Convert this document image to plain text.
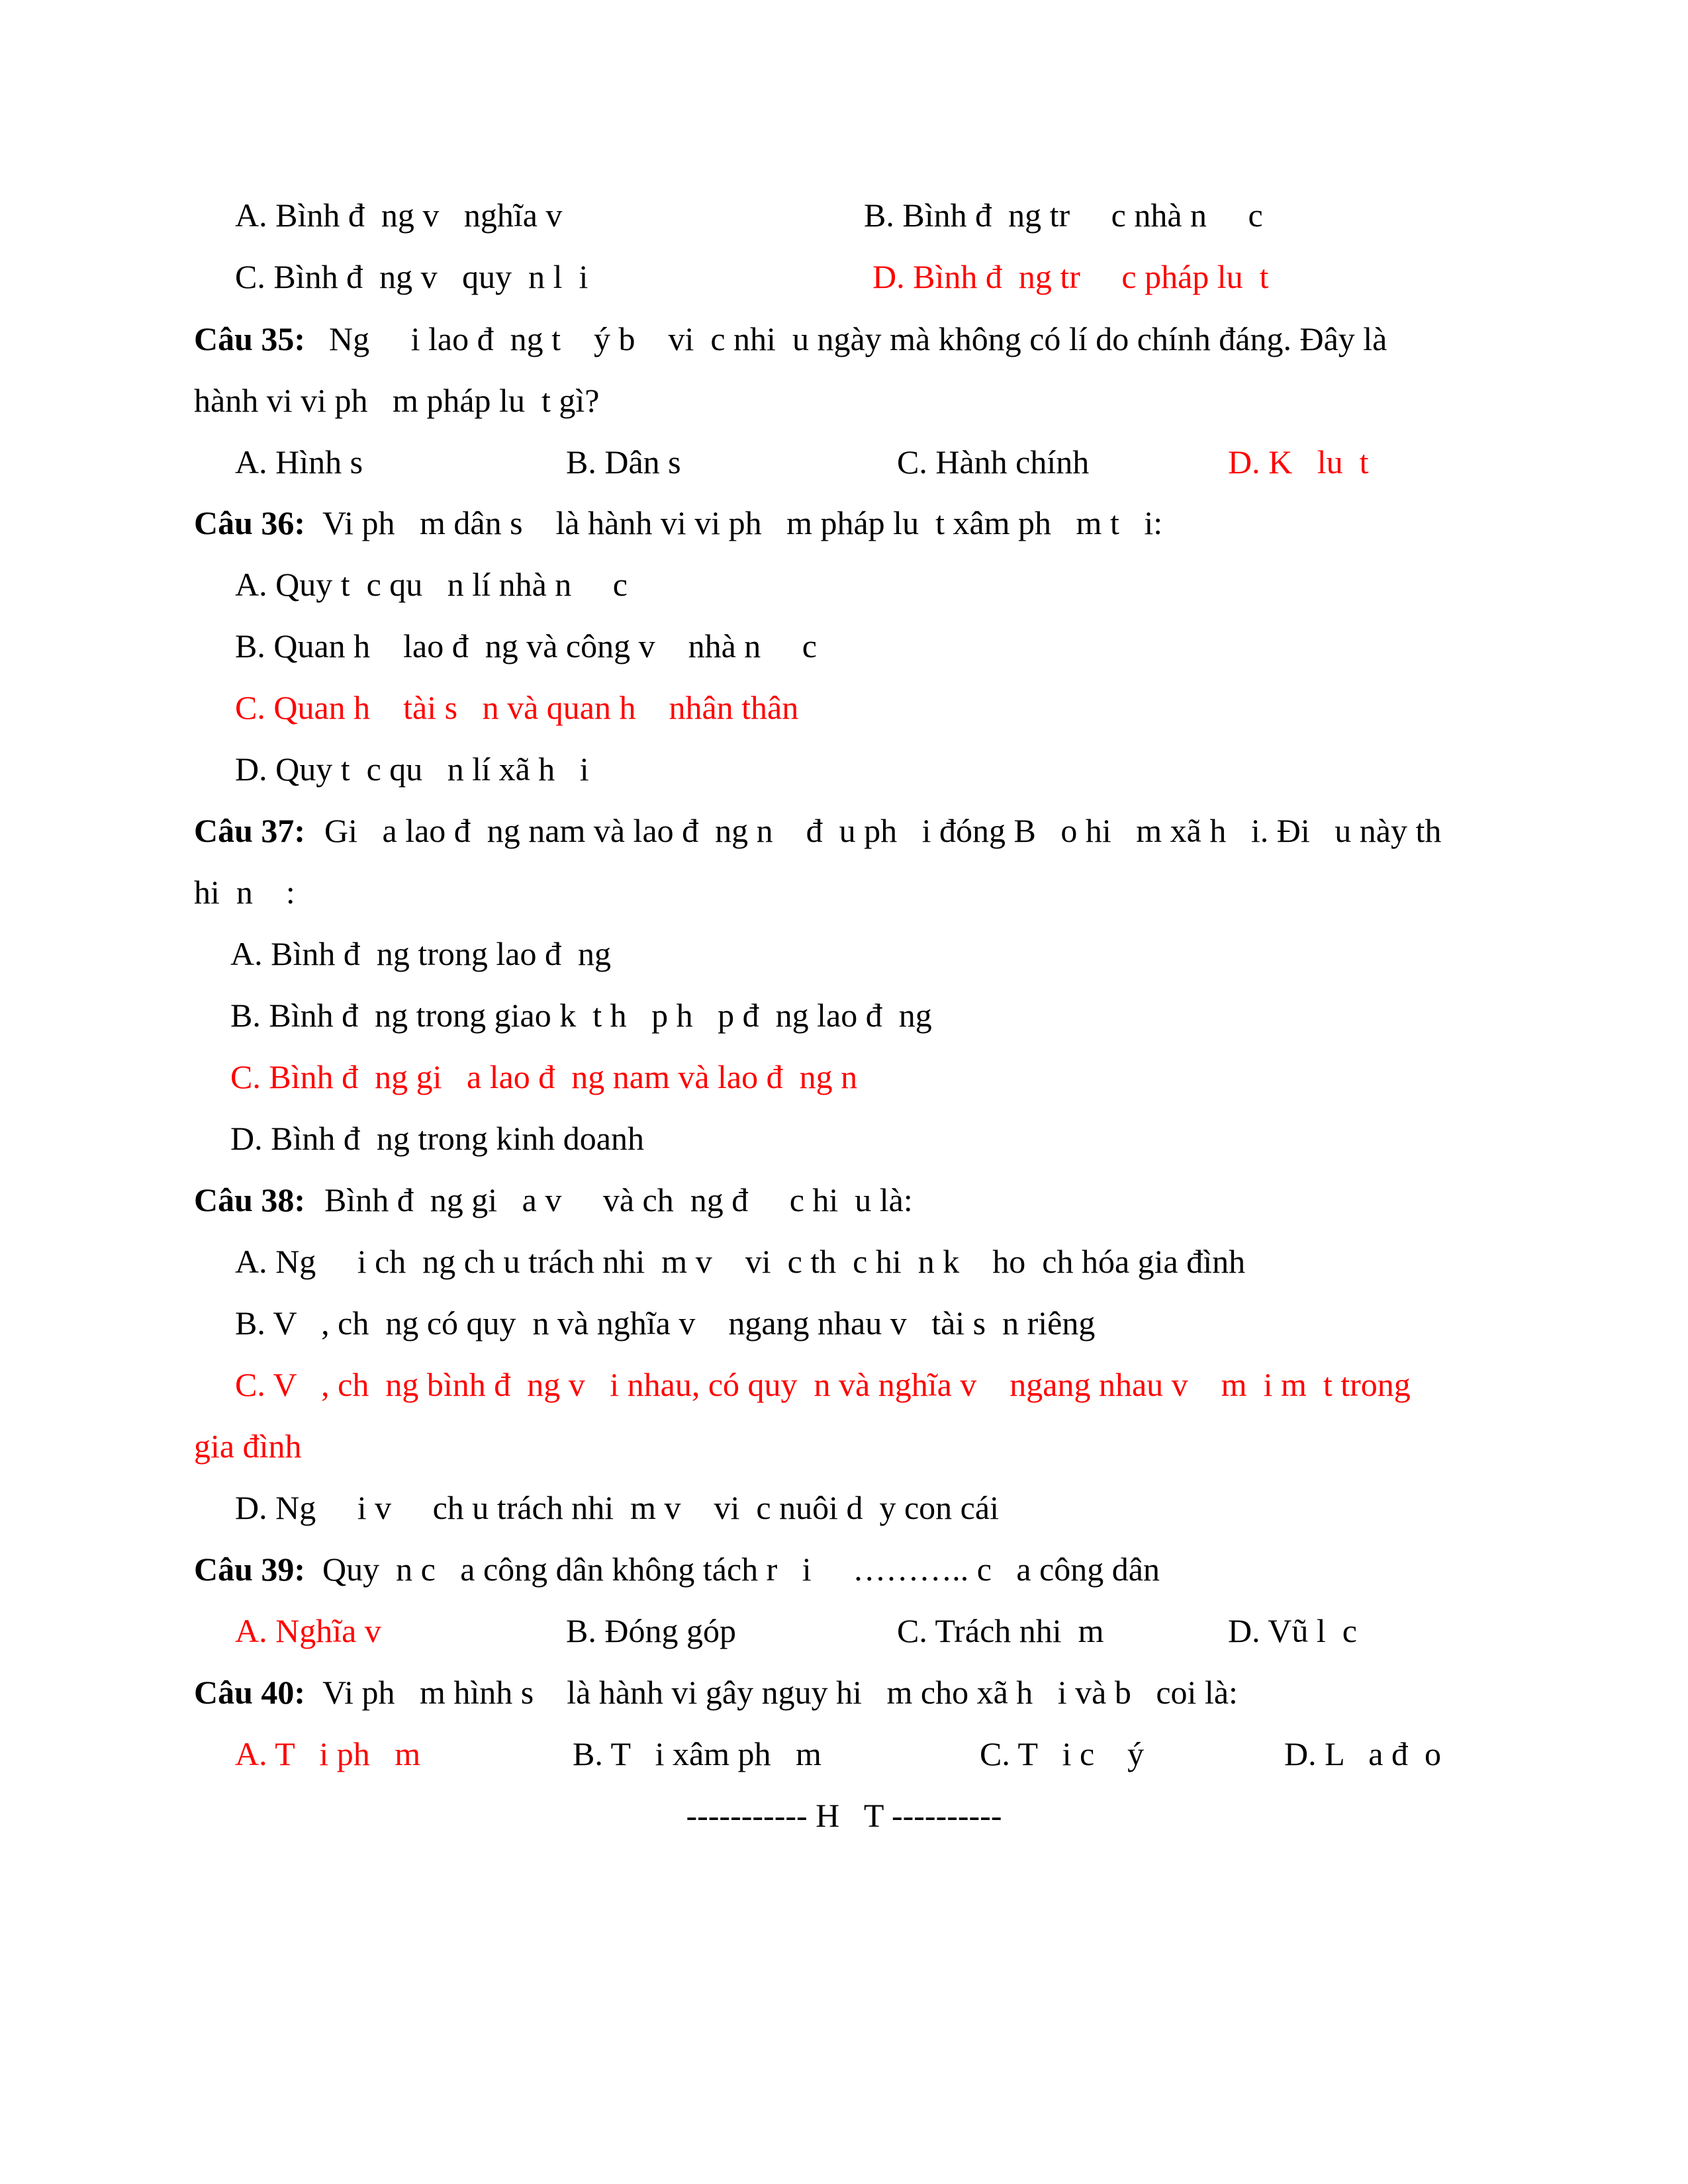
A. Bình đ  ng v   nghĩa v

	B. Bình đ  ng tr     c nhà n     c

C. Bình đ  ng v   quy  n l  i

	D. Bình đ  ng tr     c pháp lu  t

Câu 35:

Ng     i lao đ  ng t    ý b    vi  c nhi  u ngày mà không có lí do chính đáng. Đây là

hành vi vi ph   m pháp lu  t gì?

A. Hình s

	B. Dân s

	C. Hành chính

	D. K   lu  t

Câu 36:

Vi ph   m dân s    là hành vi vi ph   m pháp lu  t xâm ph   m t   i:

A. Quy t  c qu   n lí nhà n     c

B. Quan h    lao đ  ng và công v    nhà n     c

C. Quan h    tài s   n và quan h    nhân thân

D. Quy t  c qu   n lí xã h   i

Câu 37:

Gi   a lao đ  ng nam và lao đ  ng n    đ  u ph   i đóng B   o hi   m xã h   i. Đi   u này th

hi  n    :

A. Bình đ  ng trong lao đ  ng

B. Bình đ  ng trong giao k  t h   p h   p đ  ng lao đ  ng

C. Bình đ  ng gi   a lao đ  ng nam và lao đ  ng n

D. Bình đ  ng trong kinh doanh

Câu 38:

Bình đ  ng gi   a v     và ch  ng đ     c hi  u là:

A. Ng     i ch  ng ch u trách nhi  m v    vi  c th  c hi  n k    ho  ch hóa gia đình

B. V   , ch  ng có quy  n và nghĩa v    ngang nhau v   tài s  n riêng

C. V   , ch  ng bình đ  ng v   i nhau, có quy  n và nghĩa v    ngang nhau v    m  i m  t trong

gia đình

D. Ng     i v     ch u trách nhi  m v    vi  c nuôi d  y con cái

Câu 39:

Quy  n c   a công dân không tách r   i     ……….. c   a công dân

A. Nghĩa v

	B. Đóng góp

	C. Trách nhi  m

	D. Vũ l  c

Câu 40:

Vi ph   m hình s    là hành vi gây nguy hi   m cho xã h   i và b   coi là:

A. T   i ph   m

	B. T   i xâm ph   m

	C. T   i c    ý

	D. L   a đ  o

----------- H   T ----------
